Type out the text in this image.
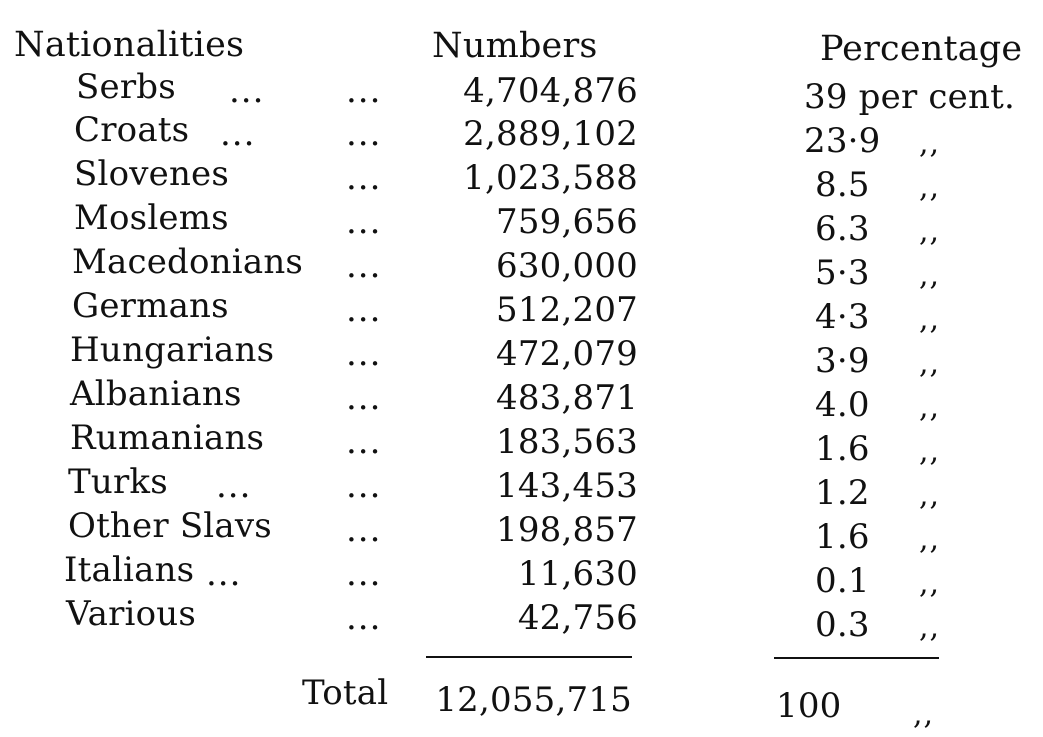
Nationalities	Numbers	Percentage
Serbs ... ...	4,704,876	39 per cent.
Croats ...	...	2,889,102	23·9 ,,
Slovenes	...	1,023,588	8.5 ,,
Moslems	...	759,656	6.3 ,,
Macedonians ...	630,000	5·3 ,,
Germans	...	512,207	4·3 ,,
Hungarians ...	472,079	3·9 ,,
Albanians	...	483,871	4.0 ,,
Rumanians ...	183,563	1.6 ,,
Turks ...	...	143,453	1.2 ,,
Other Slavs ...	198,857	1.6 ,,
Italians ...	...	11,630	0.1 ,,
Various	...	42,756	0.3 ,,
Total 12,055,715	100 ,,
